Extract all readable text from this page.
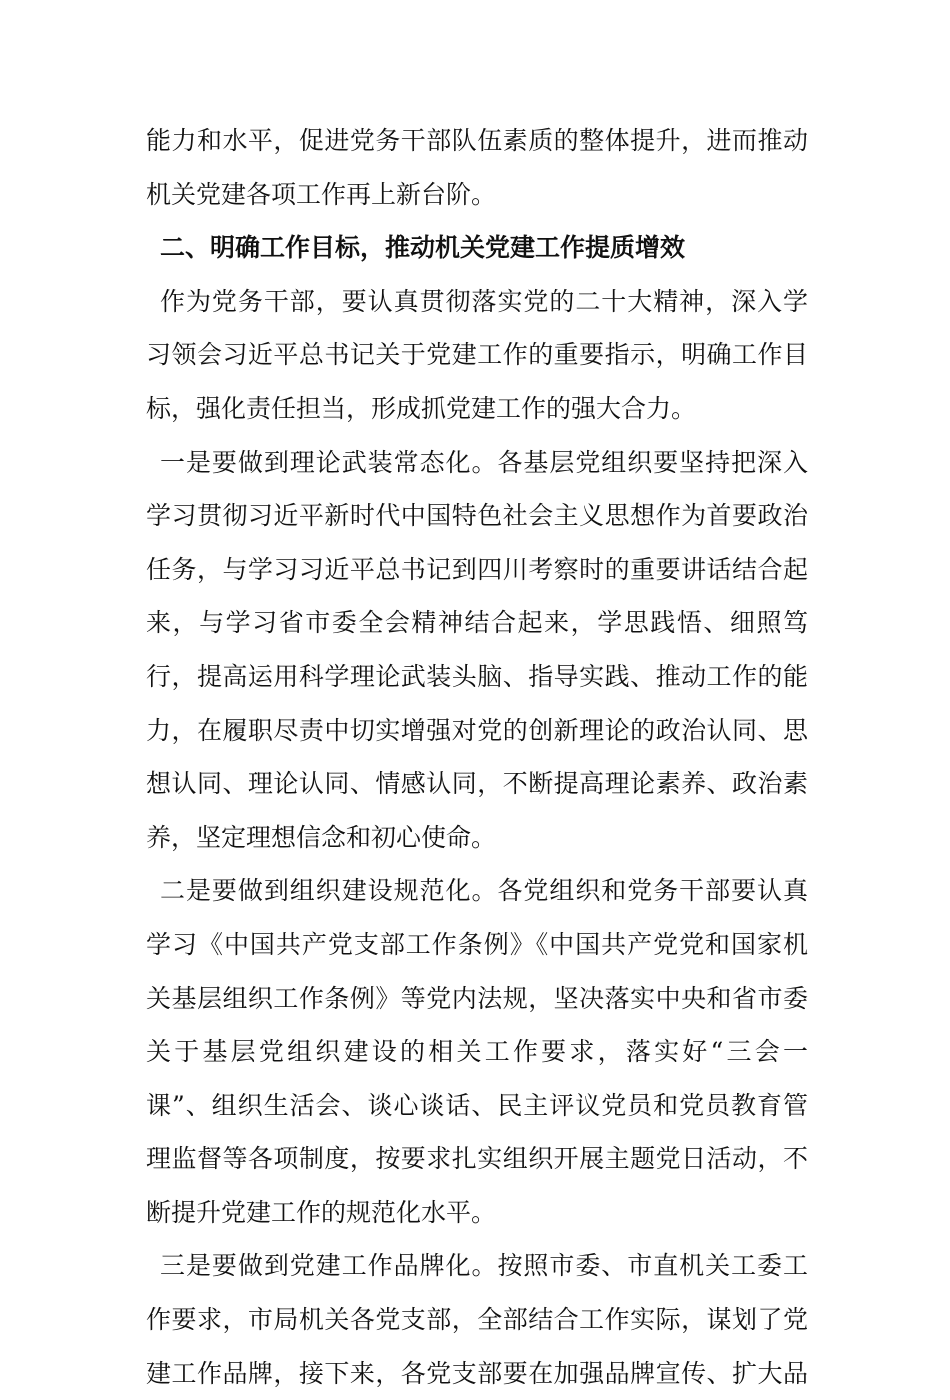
能力和水平，促进党务干部队伍素质的整体提升，进而推动
机关党建各项工作再上新台阶。
二、明确工作目标，推动机关党建工作提质增效
作为党务干部，要认真贯彻落实党的二十大精神，深入学
习领会习近平总书记关于党建工作的重要指示，明确工作目
标，强化责任担当，形成抓党建工作的强大合力。
一是要做到理论武装常态化。各基层党组织要坚持把深入
学习贯彻习近平新时代中国特色社会主义思想作为首要政治
任务，与学习习近平总书记到四川考察时的重要讲话结合起
来，与学习省市委全会精神结合起来，学思践悟、细照笃
行，提高运用科学理论武装头脑、指导实践、推动工作的能
力，在履职尽责中切实增强对党的创新理论的政治认同、思
想认同、理论认同、情感认同，不断提高理论素养、政治素
养，坚定理想信念和初心使命。
二是要做到组织建设规范化。各党组织和党务干部要认真
学习《中国共产党支部工作条例》《中国共产党党和国家机
关基层组织工作条例》等党内法规，坚决落实中央和省市委
关于基层党组织建设的相关工作要求，落实好“三会一
课”、组织生活会、谈心谈话、民主评议党员和党员教育管
理监督等各项制度，按要求扎实组织开展主题党日活动，不
断提升党建工作的规范化水平。
三是要做到党建工作品牌化。按照市委、市直机关工委工
作要求，市局机关各党支部，全部结合工作实际，谋划了党
建工作品牌，接下来，各党支部要在加强品牌宣传、扩大品
